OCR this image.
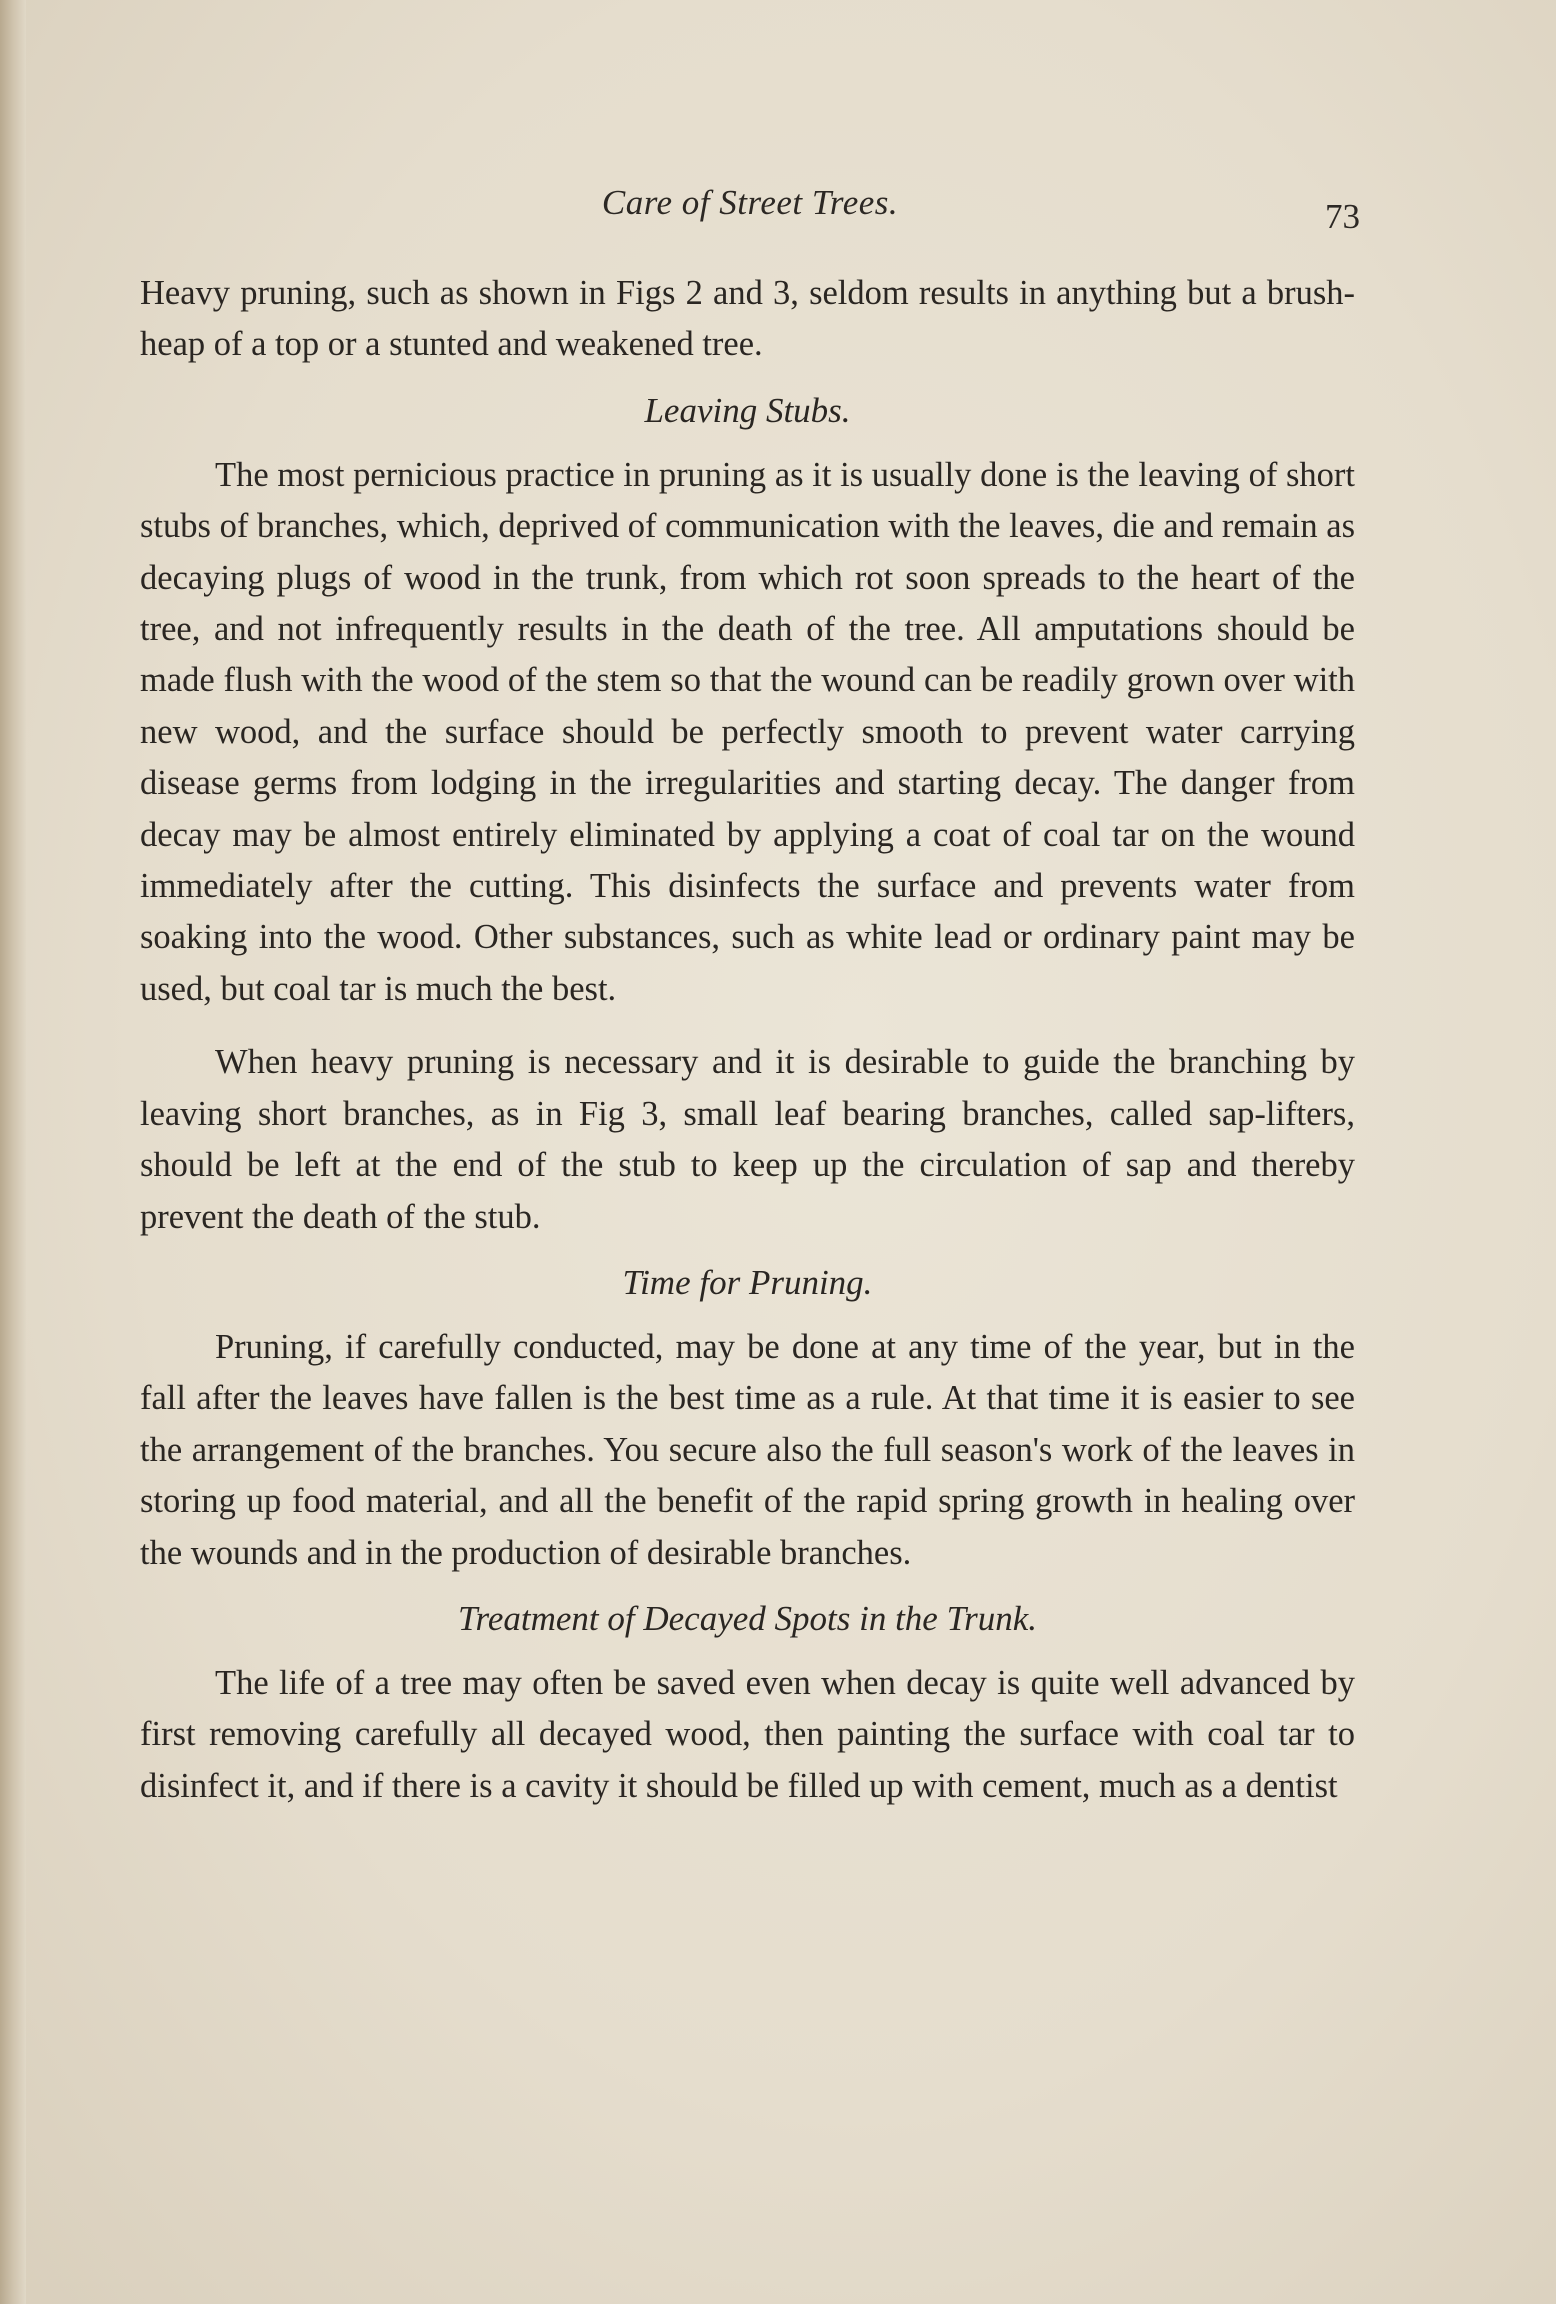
Care of Street Trees.	73

Heavy pruning, such as shown in Figs 2 and 3, seldom results in anything but a brush-heap of a top or a stunted and weakened tree.

Leaving Stubs.

The most pernicious practice in pruning as it is usually done is the leaving of short stubs of branches, which, deprived of communication with the leaves, die and remain as decaying plugs of wood in the trunk, from which rot soon spreads to the heart of the tree, and not infrequently results in the death of the tree. All amputations should be made flush with the wood of the stem so that the wound can be readily grown over with new wood, and the surface should be perfectly smooth to prevent water carrying disease germs from lodging in the irregularities and starting decay. The danger from decay may be almost entirely eliminated by applying a coat of coal tar on the wound immediately after the cutting. This disinfects the surface and prevents water from soaking into the wood. Other substances, such as white lead or ordinary paint may be used, but coal tar is much the best.

When heavy pruning is necessary and it is desirable to guide the branching by leaving short branches, as in Fig 3, small leaf bearing branches, called sap-lifters, should be left at the end of the stub to keep up the circulation of sap and thereby prevent the death of the stub.

Time for Pruning.

Pruning, if carefully conducted, may be done at any time of the year, but in the fall after the leaves have fallen is the best time as a rule. At that time it is easier to see the arrangement of the branches. You secure also the full season's work of the leaves in storing up food material, and all the benefit of the rapid spring growth in healing over the wounds and in the production of desirable branches.

Treatment of Decayed Spots in the Trunk.

The life of a tree may often be saved even when decay is quite well advanced by first removing carefully all decayed wood, then painting the surface with coal tar to disinfect it, and if there is a cavity it should be filled up with cement, much as a dentist
